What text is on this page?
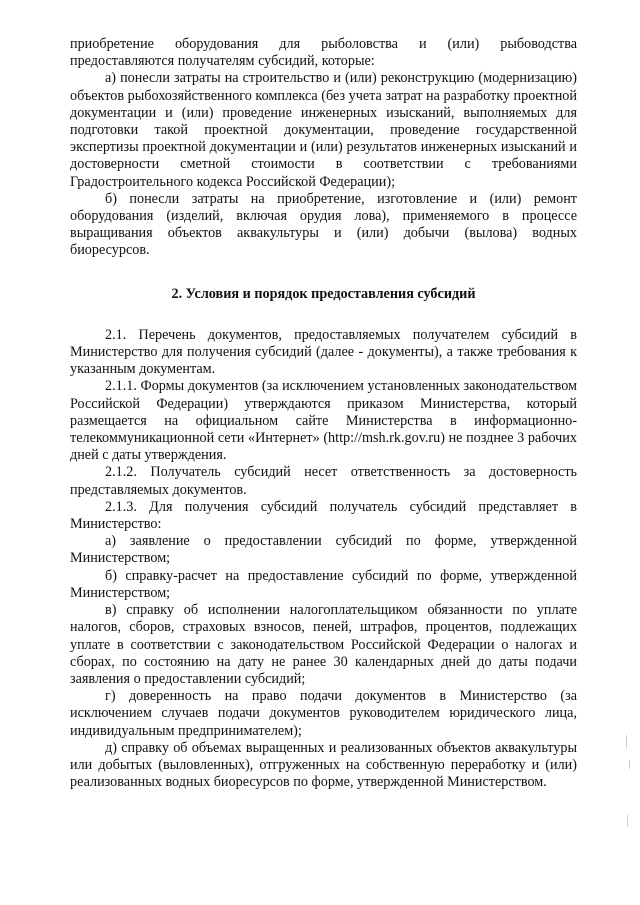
приобретение оборудования для рыболовства и (или) рыбоводства предоставляются получателям субсидий, которые:

а) понесли затраты на строительство и (или) реконструкцию (модернизацию) объектов рыбохозяйственного комплекса (без учета затрат на разработку проектной документации и (или) проведение инженерных изысканий, выполняемых для подготовки такой проектной документации, проведение государственной экспертизы проектной документации и (или) результатов инженерных изысканий и достоверности сметной стоимости в соответствии с требованиями Градостроительного кодекса Российской Федерации);

б) понесли затраты на приобретение, изготовление и (или) ремонт оборудования (изделий, включая орудия лова), применяемого в процессе выращивания объектов аквакультуры и (или) добычи (вылова) водных биоресурсов.

2. Условия и порядок предоставления субсидий

2.1. Перечень документов, предоставляемых получателем субсидий в Министерство для получения субсидий (далее - документы), а также требования к указанным документам.

2.1.1. Формы документов (за исключением установленных законодательством Российской Федерации) утверждаются приказом Министерства, который размещается на официальном сайте Министерства в информационно-телекоммуникационной сети «Интернет» (http://msh.rk.gov.ru) не позднее 3 рабочих дней с даты утверждения.

2.1.2. Получатель субсидий несет ответственность за достоверность представляемых документов.

2.1.3. Для получения субсидий получатель субсидий представляет в Министерство:

а) заявление о предоставлении субсидий по форме, утвержденной Министерством;

б) справку-расчет на предоставление субсидий по форме, утвержденной Министерством;

в) справку об исполнении налогоплательщиком обязанности по уплате налогов, сборов, страховых взносов, пеней, штрафов, процентов, подлежащих уплате в соответствии с законодательством Российской Федерации о налогах и сборах, по состоянию на дату не ранее 30 календарных дней до даты подачи заявления о предоставлении субсидий;

г) доверенность на право подачи документов в Министерство (за исключением случаев подачи документов руководителем юридического лица, индивидуальным предпринимателем);

д) справку об объемах выращенных и реализованных объектов аквакультуры или добытых (выловленных), отгруженных на собственную переработку и (или) реализованных водных биоресурсов по форме, утвержденной Министерством.
